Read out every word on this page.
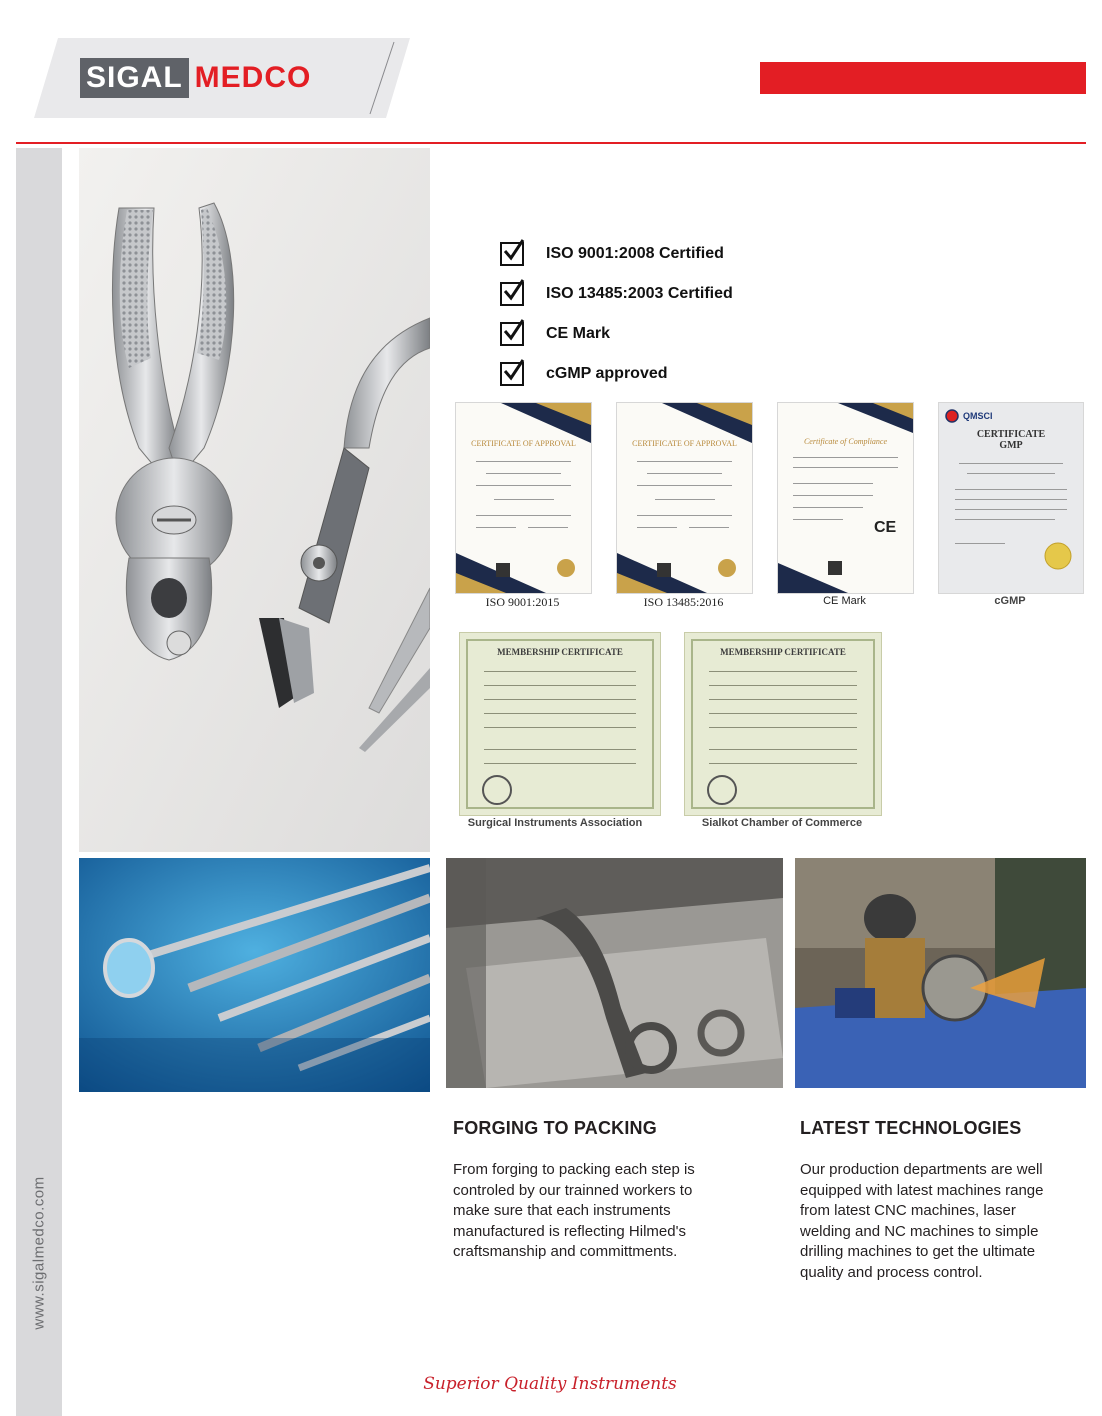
SIGAL MEDCO
www.sigalmedco.com
ISO 9001:2008 Certified
ISO 13485:2003 Certified
CE Mark
cGMP approved
CERTIFICATE OF APPROVAL
ISO 9001:2015
CERTIFICATE OF APPROVAL
ISO 13485:2016
Certificate of Compliance
CE
CE Mark
QMSCI
CERTIFICATE
GMP
cGMP
MEMBERSHIP CERTIFICATE
Surgical Instruments Association
MEMBERSHIP CERTIFICATE
Sialkot Chamber of Commerce
FORGING TO PACKING
From forging to packing each step is
controled by our trainned workers to
make sure that each instruments
manufactured is reflecting Hilmed's
craftsmanship and committments.
LATEST TECHNOLOGIES
Our production departments are well
equipped with latest machines range
from latest CNC machines, laser
welding and NC machines to simple
drilling machines to get the ultimate
quality and process control.
Superior Quality Instruments
